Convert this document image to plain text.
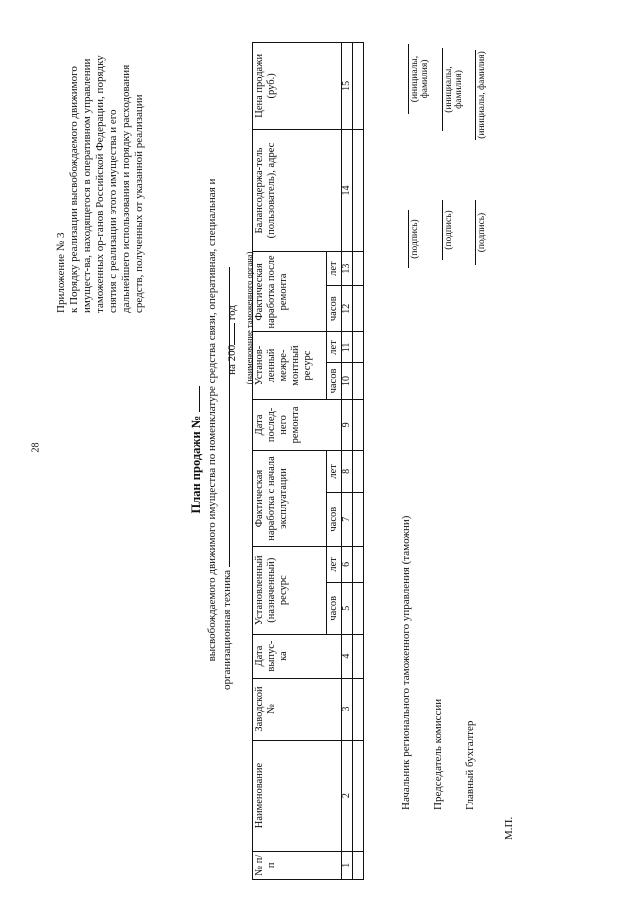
28
Приложение № 3 к Порядку реализации высвобождаемого движимого имущест-ва, находящегося в оперативном управлении таможенных ор-ганов Российской Федерации, порядку снятия с реализации этого имущества и его дальнейшего использования и порядку расходования средств, полученных от указанной реализации
План продажи № высвобождаемого движимого имущества по номенклатуре средства связи, оперативная, специальная и организационная техника
на 200 год (наименование таможенного органа)
№ п/п	Наименование	Заводской №	Дата выпус-ка	Установленный (назначенный) ресурс		Фактическая наработка с начала эксплуатации		Дата послед-него ремонта	Установ-ленный межре-монтный ресурс		Фактическая наработка после ремонта		Балансодержа-тель (пользователь), адрес	Цена продажи (руб.)
				часов	лет	часов	лет		часов	лет	часов	лет		
1	2	3	4	5	6	7	8	9	10	11	12	13	14	15

Начальник регионального таможенного управления (таможни) Председатель комиссии Главный бухгалтер
М.П.
(подпись)
(инициалы, фамилия)
(подпись)
(инициалы, фамилия)
(подпись)
(инициалы, фамилия)
